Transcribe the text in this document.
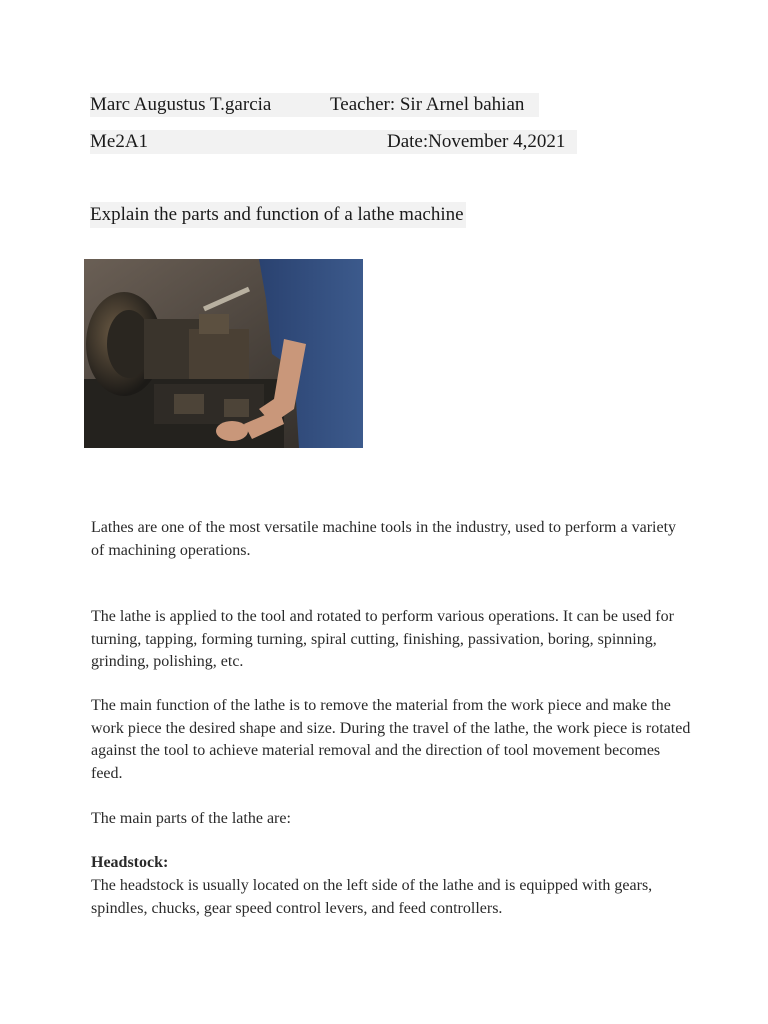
Marc Augustus T.garcia	Teacher: Sir Arnel bahian
Me2A1	Date:November 4,2021
Explain the parts and function of a lathe machine

Lathes are one of the most versatile machine tools in the industry, used to perform a variety of machining operations.

The lathe is applied to the tool and rotated to perform various operations. It can be used for turning, tapping, forming turning, spiral cutting, finishing, passivation, boring, spinning, grinding, polishing, etc.

The main function of the lathe is to remove the material from the work piece and make the work piece the desired shape and size. During the travel of the lathe, the work piece is rotated against the tool to achieve material removal and the direction of tool movement becomes feed.

The main parts of the lathe are:

Headstock:

The headstock is usually located on the left side of the lathe and is equipped with gears, spindles, chucks, gear speed control levers, and feed controllers.
